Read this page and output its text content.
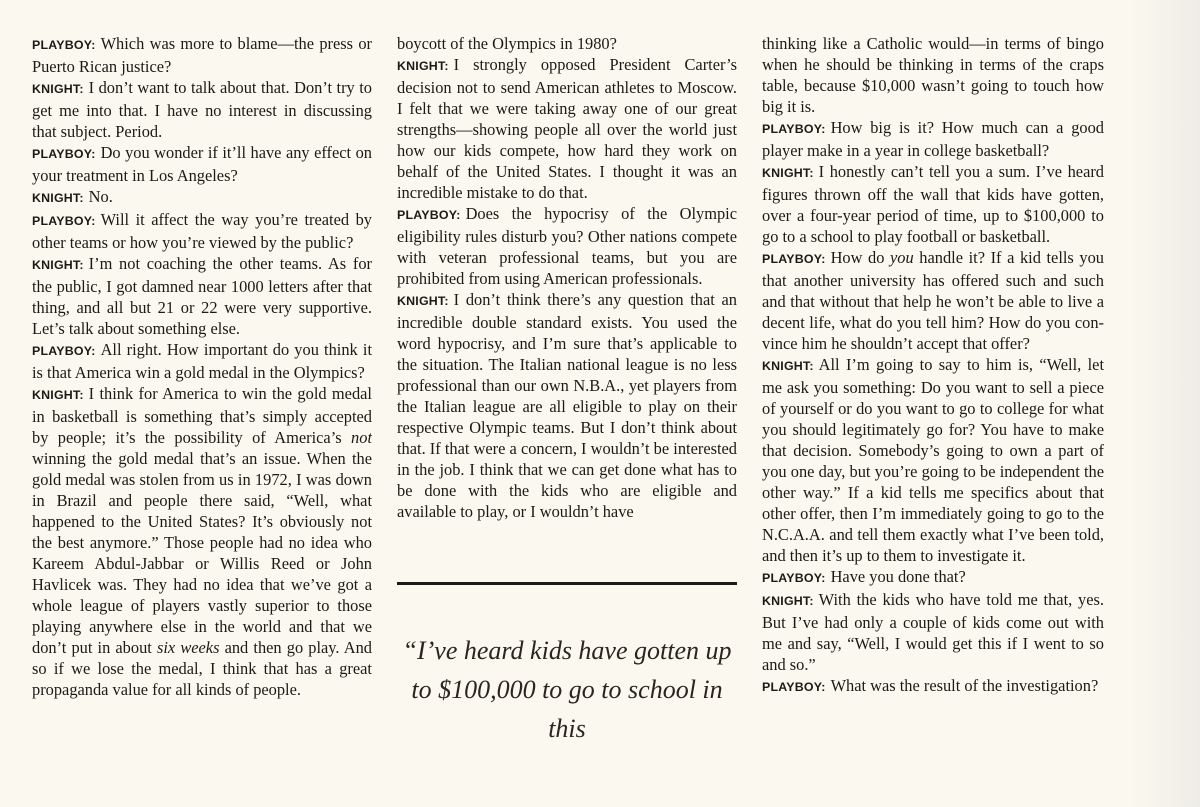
PLAYBOY: Which was more to blame—the press or Puerto Rican justice?

KNIGHT: I don’t want to talk about that. Don’t try to get me into that. I have no interest in discussing that subject. Period.

PLAYBOY: Do you wonder if it’ll have any effect on your treatment in Los Angeles?

KNIGHT: No.

PLAYBOY: Will it affect the way you’re treated by other teams or how you’re viewed by the public?

KNIGHT: I’m not coaching the other teams. As for the public, I got damned near 1000 letters after that thing, and all but 21 or 22 were very supportive. Let’s talk about something else.

PLAYBOY: All right. How important do you think it is that America win a gold medal in the Olympics?

KNIGHT: I think for America to win the gold medal in basketball is something that’s simply accepted by people; it’s the possibility of America’s not winning the gold medal that’s an issue. When the gold medal was stolen from us in 1972, I was down in Brazil and people there said, “Well, what happened to the United States? It’s obviously not the best anymore.” Those people had no idea who Kareem Abdul-Jabbar or Willis Reed or John Havlicek was. They had no idea that we’ve got a whole league of players vastly superior to those playing anywhere else in the world and that we don’t put in about six weeks and then go play. And so if we lose the medal, I think that has a great propaganda value for all kinds of people.

boycott of the Olympics in 1980?

KNIGHT: I strongly opposed President Carter’s decision not to send American athletes to Moscow. I felt that we were taking away one of our great strengths—showing people all over the world just how our kids compete, how hard they work on behalf of the United States. I thought it was an incredible mistake to do that.

PLAYBOY: Does the hypocrisy of the Olympic eligibility rules disturb you? Other nations compete with veteran professional teams, but you are prohibited from using American professionals.

KNIGHT: I don’t think there’s any question that an incredible double standard exists. You used the word hypocrisy, and I’m sure that’s applicable to the situation. The Italian national league is no less professional than our own N.B.A., yet players from the Italian league are all eligible to play on their respective Olympic teams. But I don’t think about that. If that were a concern, I wouldn’t be interested in the job. I think that we can get done what has to be done with the kids who are eligible and available to play, or I wouldn’t have

“I’ve heard kids have gotten up to $100,000 to go to school in this

thinking like a Catholic would—in terms of bingo when he should be thinking in terms of the craps table, because $10,000 wasn’t going to touch how big it is.

PLAYBOY: How big is it? How much can a good player make in a year in college basketball?

KNIGHT: I honestly can’t tell you a sum. I’ve heard figures thrown off the wall that kids have gotten, over a four-year period of time, up to $100,000 to go to a school to play football or basketball.

PLAYBOY: How do you handle it? If a kid tells you that another university has offered such and such and that without that help he won’t be able to live a decent life, what do you tell him? How do you convince him he shouldn’t accept that offer?

KNIGHT: All I’m going to say to him is, “Well, let me ask you something: Do you want to sell a piece of yourself or do you want to go to college for what you should legitimately go for? You have to make that decision. Somebody’s going to own a part of you one day, but you’re going to be independent the other way.” If a kid tells me specifics about that other offer, then I’m immediately going to go to the N.C.A.A. and tell them exactly what I’ve been told, and then it’s up to them to investigate it.

PLAYBOY: Have you done that?

KNIGHT: With the kids who have told me that, yes. But I’ve had only a couple of kids come out with me and say, “Well, I would get this if I went to so and so.”

PLAYBOY: What was the result of the investigation?
